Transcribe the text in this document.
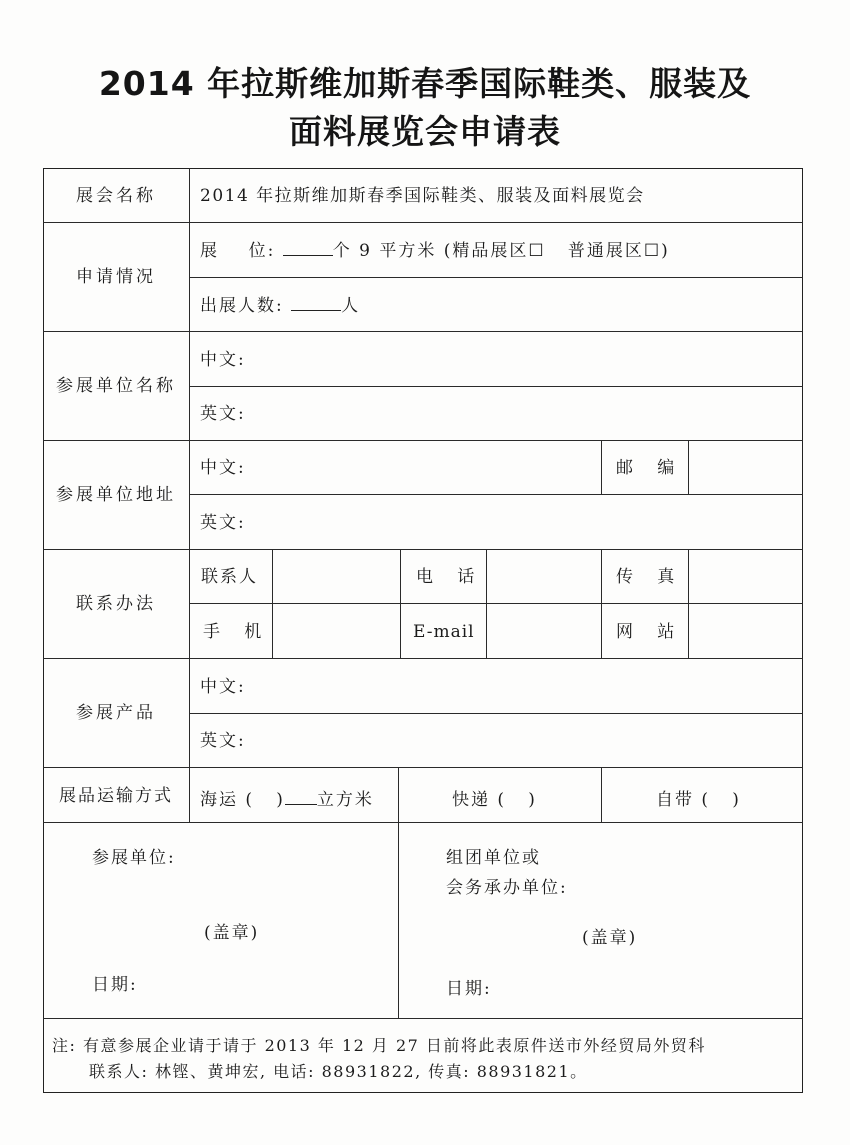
2014 年拉斯维加斯春季国际鞋类、服装及
面料展览会申请表
展会名称	2014 年拉斯维加斯春季国际鞋类、服装及面料展览会
申请情况
展    位:	个 9 平方米 (精品展区☐   普通展区☐)
出展人数:	人
参展单位名称
中文:
英文:
参展单位地址
中文:	邮   编
英文:
联系办法
联系人	电   话	传   真
手   机	E-mail	网   站
参展产品
中文:
英文:
展品运输方式	海运 (   ) 立方米	快递 (   )	自带 (   )
参展单位:
(盖章)
日期:
组团单位或
会务承办单位:
(盖章)
日期:
注: 有意参展企业请于请于 2013 年 12 月 27 日前将此表原件送市外经贸局外贸科
联系人: 林铿、黄坤宏, 电话: 88931822, 传真: 88931821。
